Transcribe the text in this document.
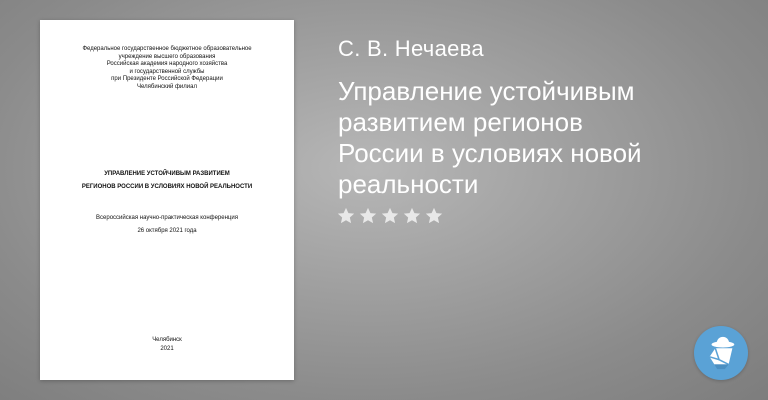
Федеральное государственное бюджетное образовательное
учреждение высшего образования
Российская академия народного хозяйства
и государственной службы
при Президенте Российской Федерации
Челябинский филиал
УПРАВЛЕНИЕ УСТОЙЧИВЫМ РАЗВИТИЕМ
РЕГИОНОВ РОССИИ В УСЛОВИЯХ НОВОЙ РЕАЛЬНОСТИ
Всероссийская научно-практическая конференция
26 октября 2021 года
Челябинск
2021
С. В. Нечаева
Управление устойчивым
развитием регионов
России в условиях новой
реальности
